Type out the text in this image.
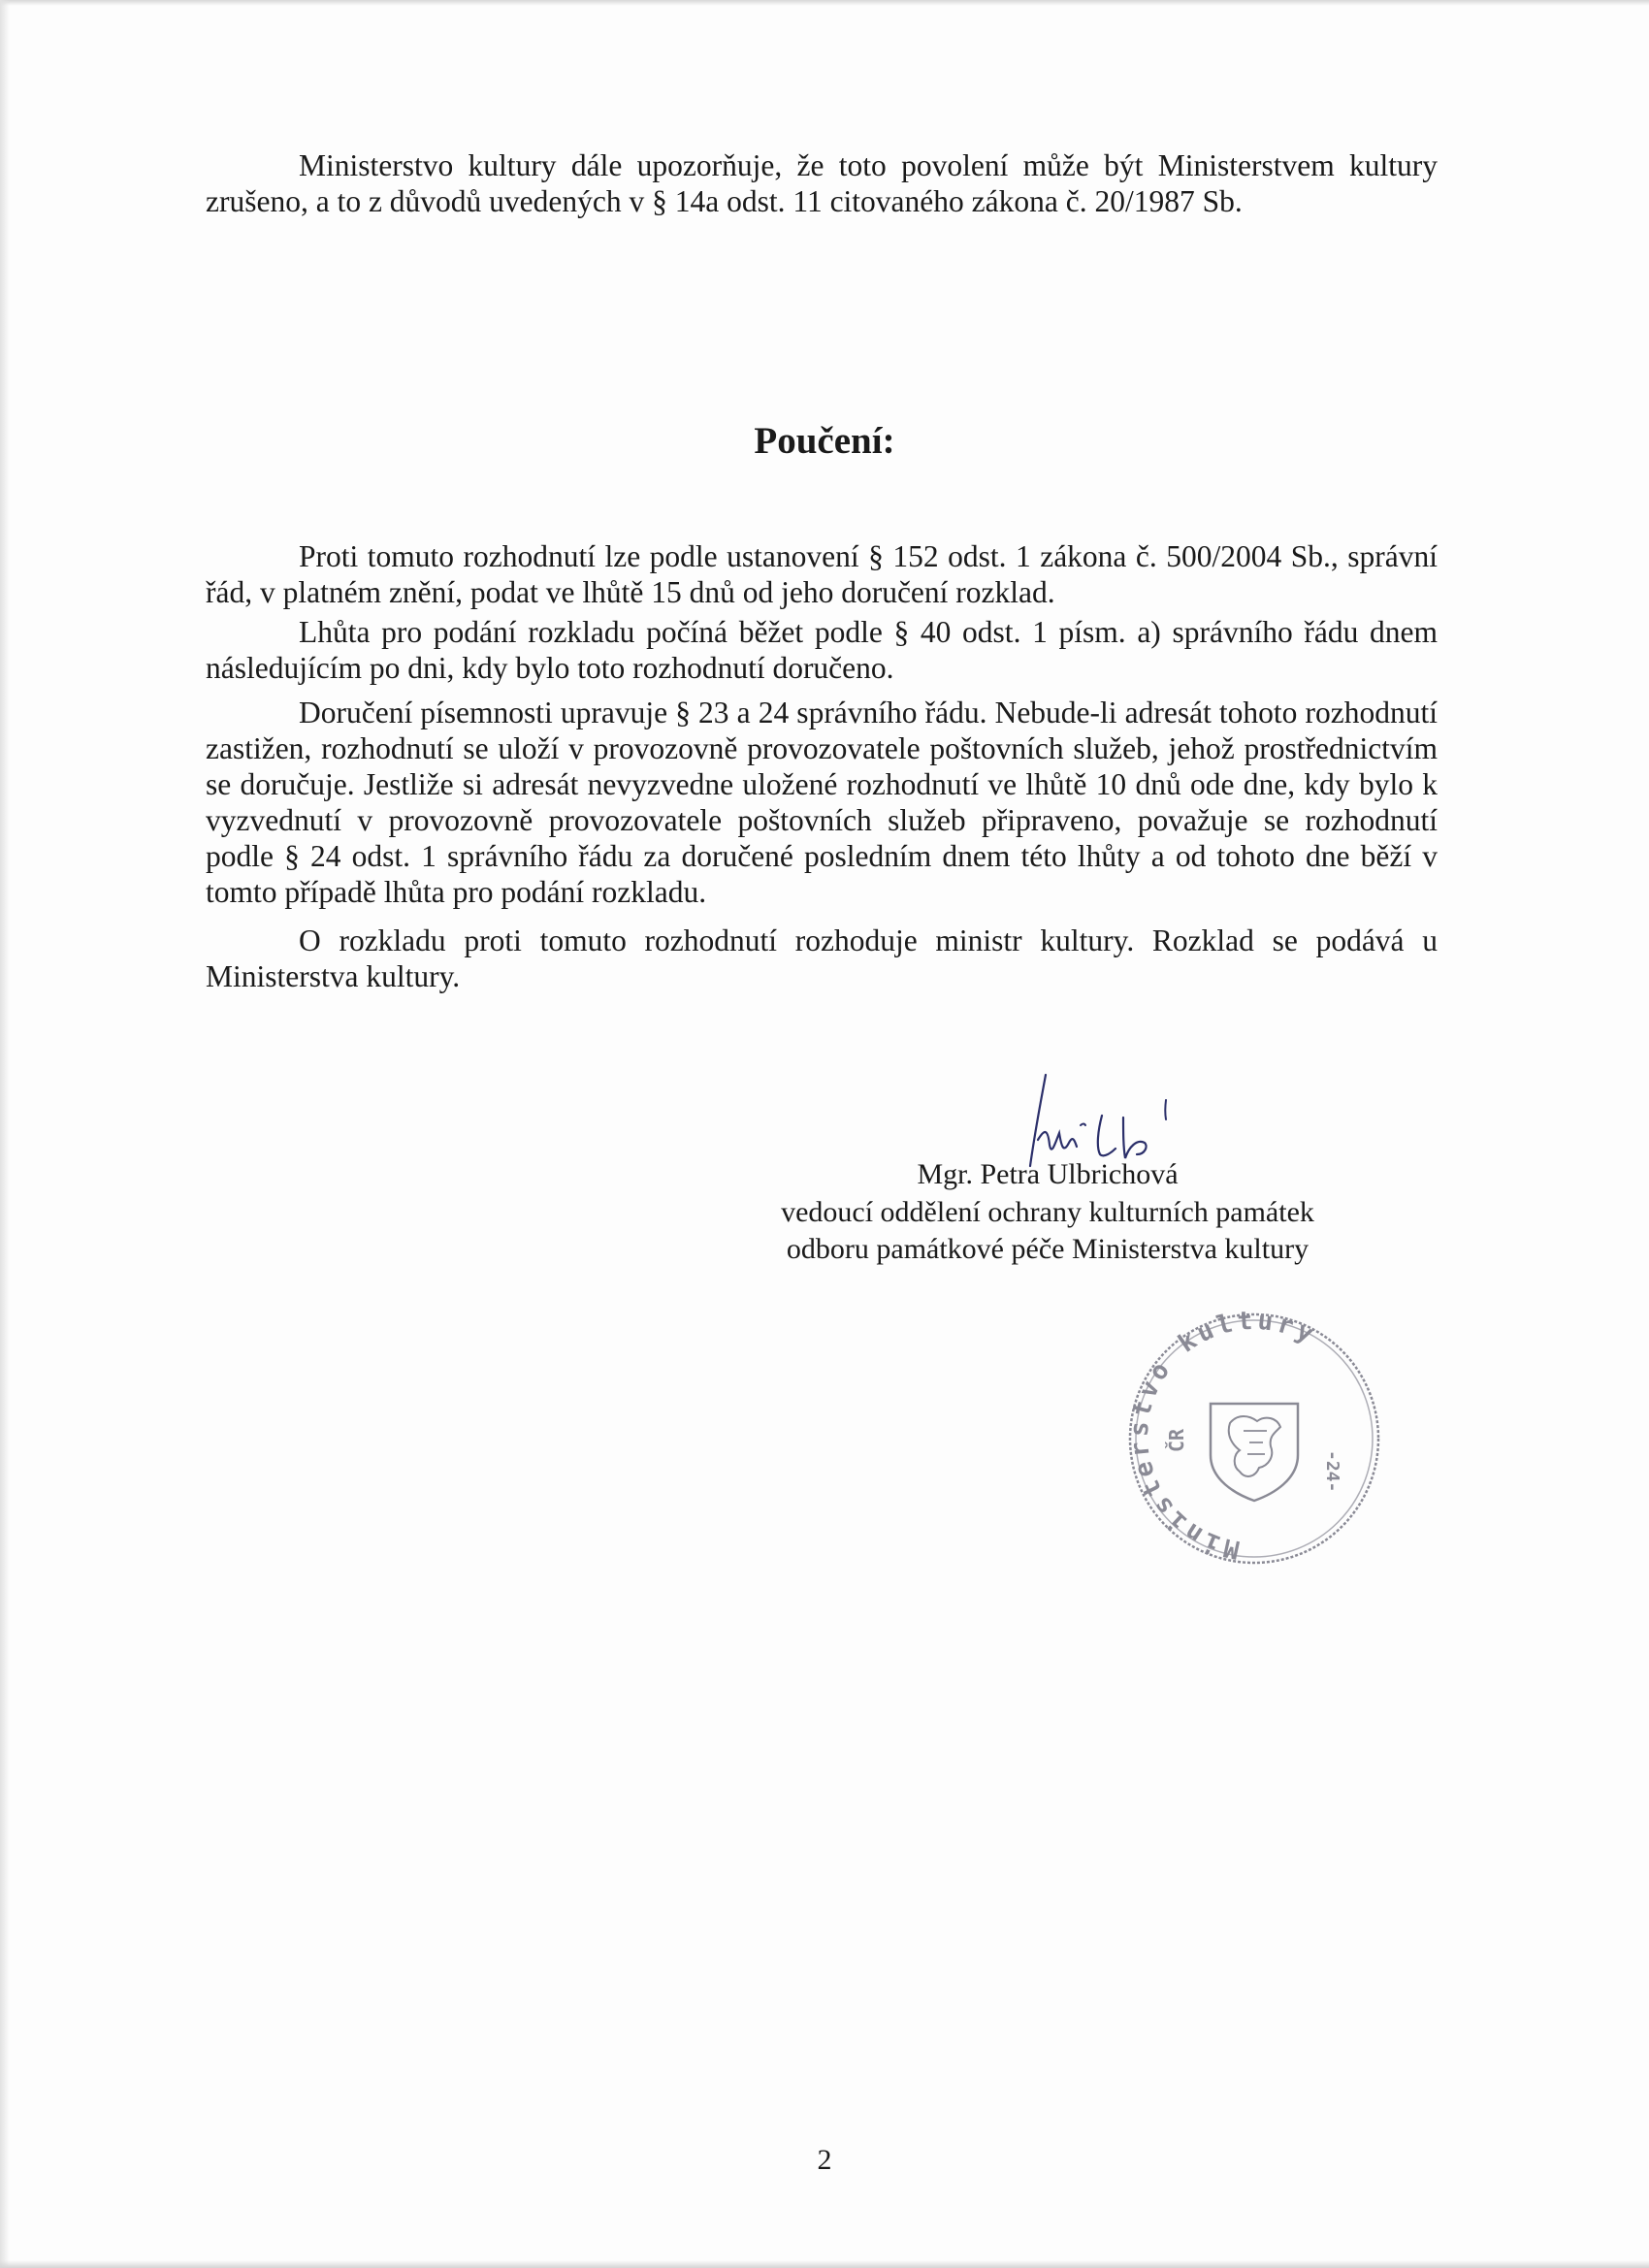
Ministerstvo kultury dále upozorňuje, že toto povolení může být Ministerstvem kultury zrušeno, a to z důvodů uvedených v § 14a odst. 11 citovaného zákona č. 20/1987 Sb.

Poučení:

Proti tomuto rozhodnutí lze podle ustanovení § 152 odst. 1 zákona č. 500/2004 Sb., správní řád, v platném znění, podat ve lhůtě 15 dnů od jeho doručení rozklad.

Lhůta pro podání rozkladu počíná běžet podle § 40 odst. 1 písm. a) správního řádu dnem následujícím po dni, kdy bylo toto rozhodnutí doručeno.

Doručení písemnosti upravuje § 23 a 24 správního řádu. Nebude-li adresát tohoto rozhodnutí zastižen, rozhodnutí se uloží v provozovně provozovatele poštovních služeb, jehož prostřednictvím se doručuje. Jestliže si adresát nevyzvedne uložené rozhodnutí ve lhůtě 10 dnů ode dne, kdy bylo k vyzvednutí v provozovně provozovatele poštovních služeb připraveno, považuje se rozhodnutí podle § 24 odst. 1 správního řádu za doručené posledním dnem této lhůty a od tohoto dne běží v tomto případě lhůta pro podání rozkladu.

O rozkladu proti tomuto rozhodnutí rozhoduje ministr kultury. Rozklad se podává u Ministerstva kultury.

Mgr. Petra Ulbrichová

vedoucí oddělení ochrany kulturních památek

odboru památkové péče Ministerstva kultury

Ministerstvo kultury
ČR
-24-

2
